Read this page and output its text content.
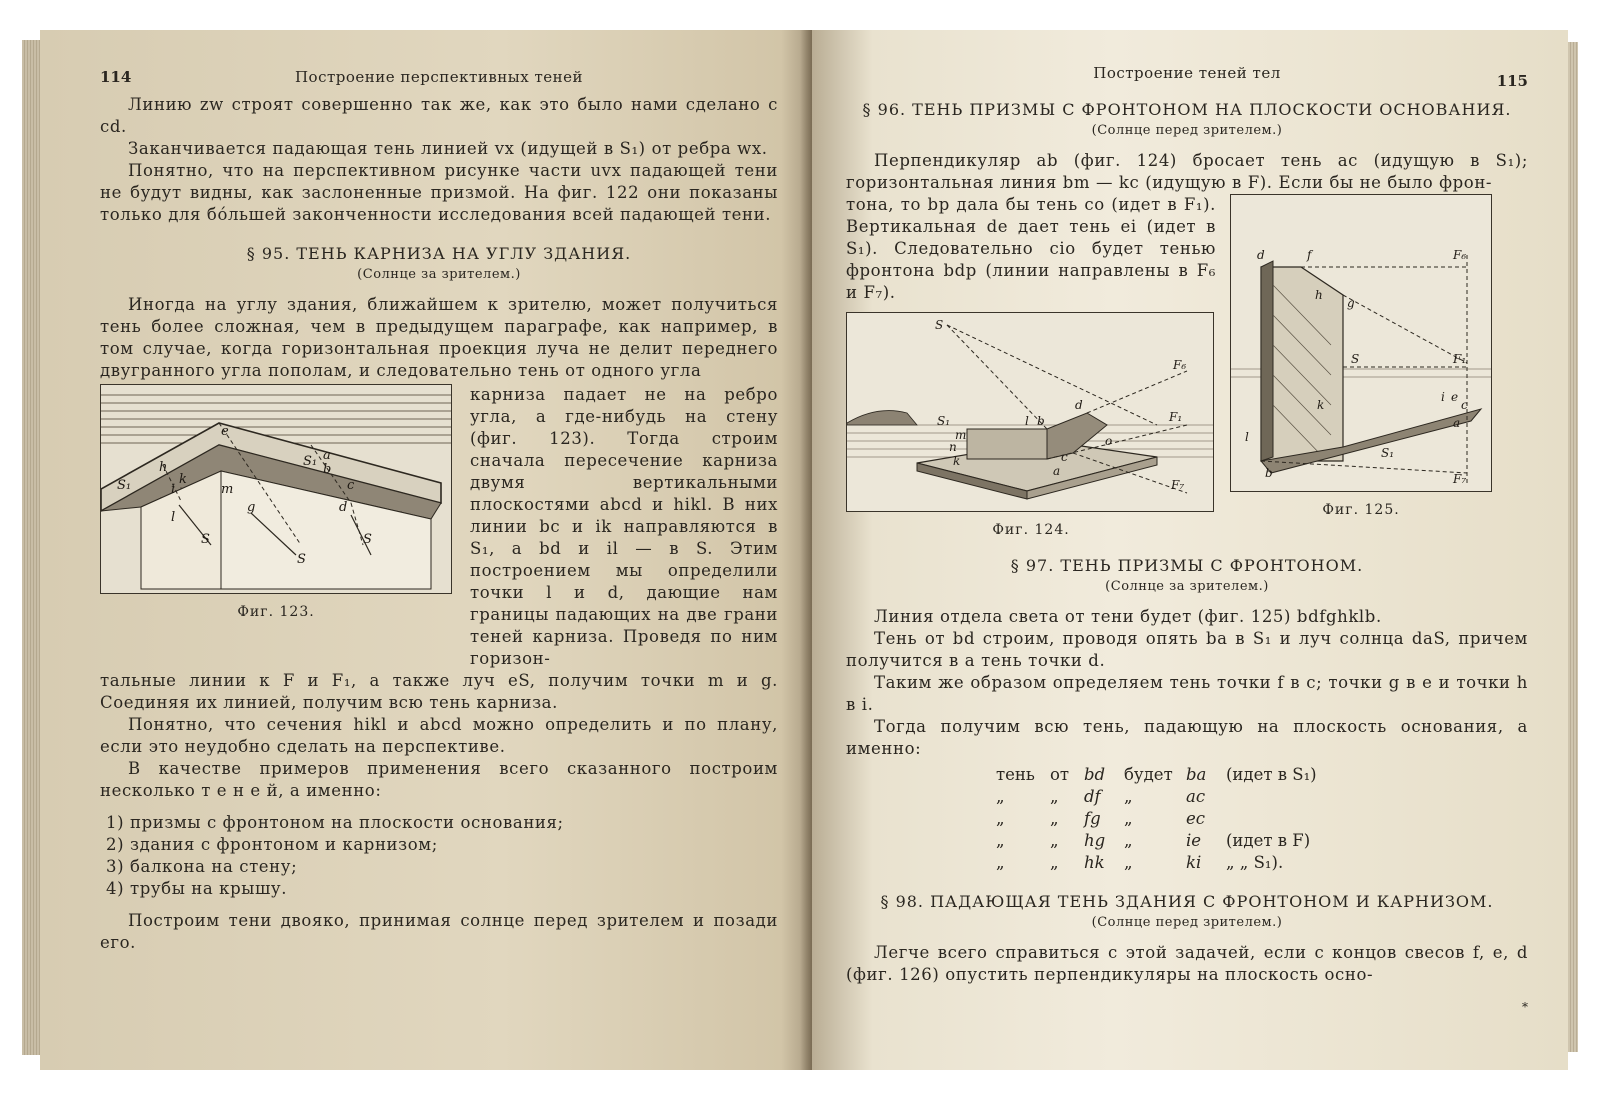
114	Построение перспективных теней

Линию zw строят совершенно так же, как это было нами сделано с cd.

Заканчивается падающая тень линией vx (идущей в S₁) от ребра wx.

Понятно, что на перспективном рисунке части uvx падающей тени не будут видны, как заслоненные призмой. На фиг. 122 они показаны только для бо́льшей законченности исследования всей падающей тени.

§ 95. ТЕНЬ КАРНИЗА НА УГЛУ ЗДАНИЯ.
(Солнце за зрителем.)

Иногда на углу здания, ближайшем к зрителю, может получиться тень более сложная, чем в предыдущем параграфе, как например, в том случае, когда горизонтальная проекция луча не делит переднего двугранного угла пополам, и следовательно тень от одного угла

e
h	S₁ a
b
c
k
m
i
l
g	d
S
S
S
S₁
Фиг. 123.

карниза падает не на ребро угла, а где-нибудь на стену (фиг. 123). Тогда строим сначала пересечение карниза двумя вертикальными плоскостями abcd и hikl. В них линии bc и ik направляются в S₁, а bd и il — в S. Этим построением мы определили точки l и d, дающие нам границы падающих на две грани теней карниза. Проведя по ним горизон-

тальные линии к F и F₁, а также луч eS, получим точки m и g. Соединяя их линией, получим всю тень карниза.

Понятно, что сечения hikl и abcd можно определить и по плану, если это неудобно сделать на перспективе.

В качестве примеров применения всего сказанного построим несколько т е н е й, а именно:

1) призмы с фронтоном на плоскости основания;

2) здания с фронтоном и карнизом;

3) балкона на стену;

4) трубы на крышу.

Построим тени двояко, принимая солнце перед зрителем и позади его.

Построение теней тел	115
§ 96. ТЕНЬ ПРИЗМЫ С ФРОНТОНОМ НА ПЛОСКОСТИ ОСНОВАНИЯ.
(Солнце перед зрителем.)

Перпендикуляр ab (фиг. 124) бросает тень ac (идущую в S₁); горизонтальная линия bm — kc (идущую в F). Если бы не было фрон-

тона, то bp дала бы тень co (идет в F₁). Вертикальная de дает тень ei (идет в S₁). Следовательно cio будет тенью фронтона bdp (линии направлены в F₆ и F₇).

S
F₆
F₁
F₇
S₁
m
n
k
b
d
c
a
o
l
Фиг. 124.
d	f	F₆
h
g
S	F₁
k
i e
c
a
l
b
S₁
F₇
Фиг. 125.
§ 97. ТЕНЬ ПРИЗМЫ С ФРОНТОНОМ.
(Солнце за зрителем.)

Линия отдела света от тени будет (фиг. 125) bdfghklb.

Тень от bd строим, проводя опять ba в S₁ и луч солнца daS, причем получится в a тень точки d.

Таким же образом определяем тень точки f в c; точки g в e и точки h в i.

Тогда получим всю тень, падающую на плоскость основания, а именно:

тень от bd	будет ba	(идет в S₁)
„	„	df	„	ac
„	„	fg	„	ec
„	„	hg	„	ie	(идет в F)
„	„	hk	„	ki	„ „ S₁).
§ 98. ПАДАЮЩАЯ ТЕНЬ ЗДАНИЯ С ФРОНТОНОМ И КАРНИЗОМ.
(Солнце перед зрителем.)

Легче всего справиться с этой задачей, если с концов свесов f, e, d (фиг. 126) опустить перпендикуляры на плоскость осно-

*
